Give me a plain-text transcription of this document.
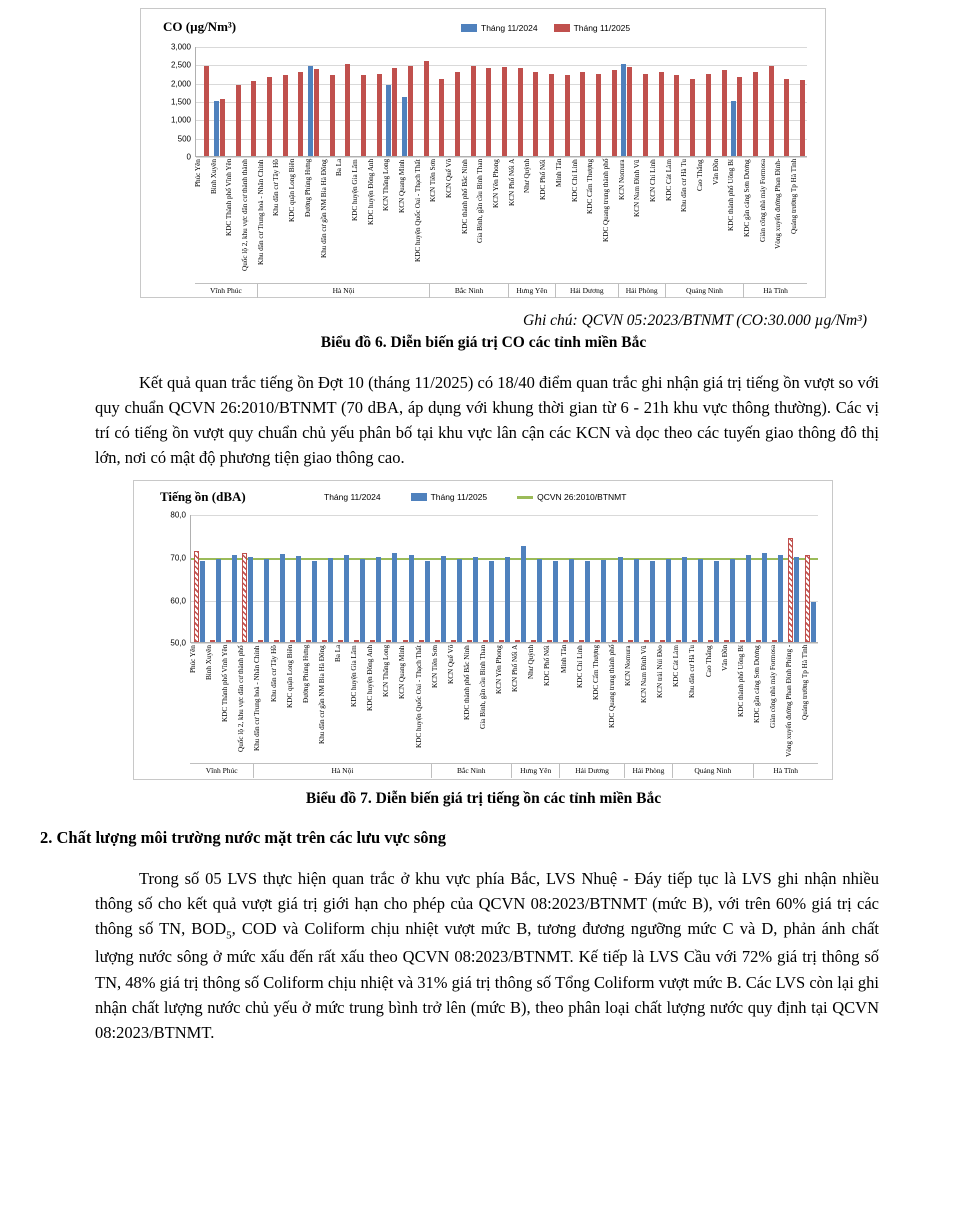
CO (µg/Nm³)	Tháng 11/2024	Tháng 11/2025
Phúc Yên	Bình Xuyên	KDC Thành phố Vĩnh Yên	Quốc lộ 2, khu vực dân cư thành thành	Khu dân cư Trung hoà - Nhân Chính	Khu dân cư Tây Hồ	KDC quận Long Biên	Đường Phùng Hưng	Khu dân cư gần NM Bia Hà Đông	Ba La	KDC huyện Gia Lâm	KDC huyện Đông Anh	KCN Thăng Long	KCN Quang Minh	KDC huyện Quốc Oai - Thạch Thất	KCN Tiên Sơn	KCN Quế Võ	KDC thành phố Bắc Ninh	Gia Bình, gần cầu Bình Than	KCN Yên Phong	KCN Phố Nối A	Như Quỳnh	KDC Phố Nối	Minh Tân	KDC Chí Linh	KDC Cẩm Thượng	KDC Quang trung thành phố	KCN Nomura	KCN Nam Đình Vũ	KCN Chi Linh	KDC Cát Làm	Khu dân cư Hà Tu	Cao Thắng	Vân Đồn	KDC thành phố Uông Bí	KDC gần cảng Sơn Dương	Giàn công nhà máy Formosa	Vòng xuyến đường Phan Đình-	Quảng trường Tp Hà Tĩnh
Vĩnh Phúc	Hà Nội	Bắc Ninh	Hưng Yên	Hải Dương	Hải Phòng	Quảng Ninh	Hà Tĩnh
0
500
1,000
1,500
2,000
2,500
3,000
Ghi chú: QCVN 05:2023/BTNMT (CO:30.000 µg/Nm³)
Biểu đồ 6. Diễn biến giá trị CO các tỉnh miền Bắc

Kết quả quan trắc tiếng ồn Đợt 10 (tháng 11/2025) có 18/40 điểm quan trắc ghi nhận giá trị tiếng ồn vượt so với quy chuẩn QCVN 26:2010/BTNMT (70 dBA, áp dụng với khung thời gian từ 6 - 21h khu vực thông thường). Các vị trí có tiếng ồn vượt quy chuẩn chủ yếu phân bố tại khu vực lân cận các KCN và dọc theo các tuyến giao thông đô thị lớn, nơi có mật độ phương tiện giao thông cao.

Tiếng ồn (dBA)	Tháng 11/2024	Tháng 11/2025	QCVN 26:2010/BTNMT
Phúc Yên	Bình Xuyên	KDC Thành phố Vĩnh Yên	Quốc lộ 2, khu vực dân cư thành phố	Khu dân cư Trung hoà - Nhân Chính	Khu dân cư Tây Hồ	KDC quận Long Biên	Đường Phùng Hưng	Khu dân cư gần NM Bia Hà Đông	Ba La	KDC huyện Gia Lâm	KDC huyện Đông Anh	KCN Thăng Long	KCN Quang Minh	KDC huyện Quốc Oai - Thạch Thất	KCN Tiên Sơn	KCN Quế Võ	KDC thành phố Bắc Ninh	Gia Bình, gần cầu Bình Than	KCN Yên Phong	KCN Phố Nối A	Như Quỳnh	KDC Phố Nối	Minh Tân	KDC Chí Linh	KDC Cẩm Thượng	KDC Quang trung thành phố	KCN Nomura	KCN Nam Đình Vũ	KCN trài Núi Đèo	KDC Cát Làm	Khu dân cư Hà Tu	Cao Thắng	Vân Đồn	KDC thành phố Uông Bí	KDC gần cảng Sơn Dương	Giàn công nhà máy Formosa	Vòng xuyến đường Phan Đình Phùng -	Quảng trường Tp Hà Tĩnh
Vĩnh Phúc	Hà Nội	Bắc Ninh	Hưng Yên	Hải Dương	Hải Phòng	Quảng Ninh	Hà Tĩnh
50,0
60,0
70,0
80,0
Biểu đồ 7. Diễn biến giá trị tiếng ồn các tỉnh miền Bắc
2. Chất lượng môi trường nước mặt trên các lưu vực sông

Trong số 05 LVS thực hiện quan trắc ở khu vực phía Bắc, LVS Nhuệ - Đáy tiếp tục là LVS ghi nhận nhiều thông số cho kết quả vượt giá trị giới hạn cho phép của QCVN 08:2023/BTNMT (mức B), với trên 60% giá trị các thông số TN, $BOD_5$, COD và Coliform chịu nhiệt vượt mức B, tương đương ngưỡng mức C và D, phản ánh chất lượng nước sông ở mức xấu đến rất xấu theo QCVN 08:2023/BTNMT. Kế tiếp là LVS Cầu với 72% giá trị thông số TN, 48% giá trị thông số Coliform chịu nhiệt và 31% giá trị thông số Tổng Coliform vượt mức B. Các LVS còn lại ghi nhận chất lượng nước chủ yếu ở mức trung bình trở lên (mức B), theo phân loại chất lượng nước quy định tại QCVN 08:2023/BTNMT.
